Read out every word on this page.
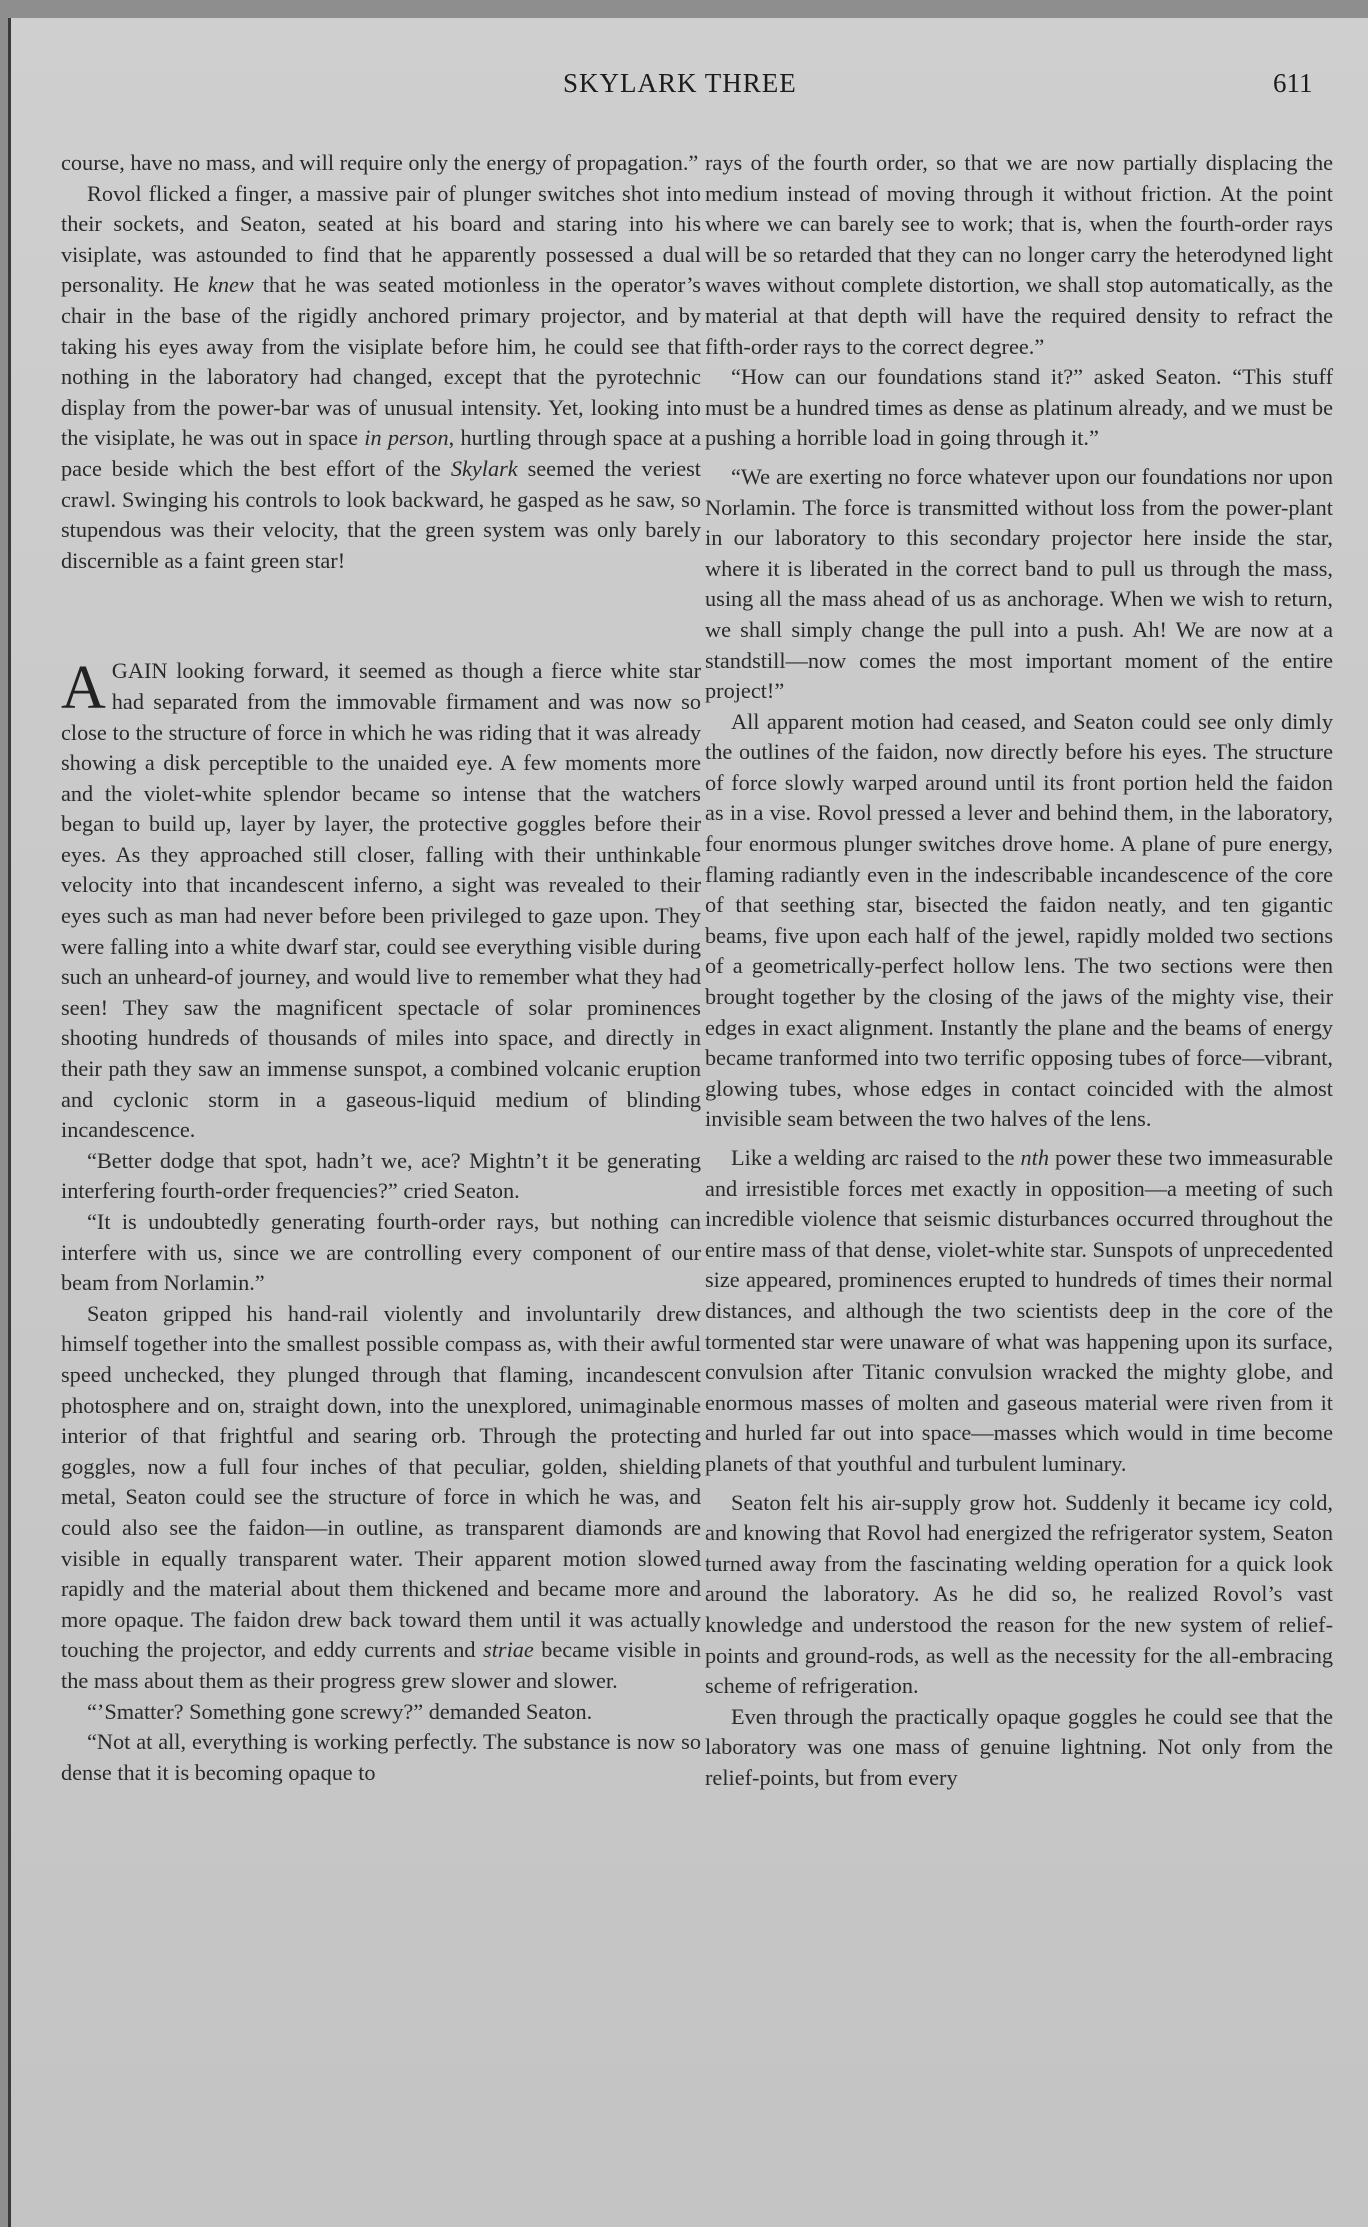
SKYLARK THREE	611

course, have no mass, and will require only the energy of propagation.”

Rovol flicked a finger, a massive pair of plunger switches shot into their sockets, and Seaton, seated at his board and staring into his visiplate, was astounded to find that he apparently possessed a dual personality. He knew that he was seated motionless in the operator’s chair in the base of the rigidly anchored primary projector, and by taking his eyes away from the visiplate before him, he could see that nothing in the laboratory had changed, except that the pyrotechnic display from the power-bar was of unusual intensity. Yet, looking into the visiplate, he was out in space in person, hurtling through space at a pace beside which the best effort of the Skylark seemed the veriest crawl. Swinging his controls to look backward, he gasped as he saw, so stupendous was their velocity, that the green system was only barely discernible as a faint green star!

AGAIN looking forward, it seemed as though a fierce white star had separated from the immovable firmament and was now so close to the structure of force in which he was riding that it was already showing a disk perceptible to the unaided eye. A few moments more and the violet-white splendor became so intense that the watchers began to build up, layer by layer, the protective goggles before their eyes. As they approached still closer, falling with their unthinkable velocity into that incandescent inferno, a sight was revealed to their eyes such as man had never before been privileged to gaze upon. They were falling into a white dwarf star, could see everything visible during such an unheard-of journey, and would live to remember what they had seen! They saw the magnificent spectacle of solar prominences shooting hundreds of thousands of miles into space, and directly in their path they saw an immense sunspot, a combined volcanic eruption and cyclonic storm in a gaseous-liquid medium of blinding incandescence.

“Better dodge that spot, hadn’t we, ace? Mightn’t it be generating interfering fourth-order frequencies?” cried Seaton.

“It is undoubtedly generating fourth-order rays, but nothing can interfere with us, since we are controlling every component of our beam from Norlamin.”

Seaton gripped his hand-rail violently and involuntarily drew himself together into the smallest possible compass as, with their awful speed unchecked, they plunged through that flaming, incandescent photosphere and on, straight down, into the unexplored, unimaginable interior of that frightful and searing orb. Through the protecting goggles, now a full four inches of that peculiar, golden, shielding metal, Seaton could see the structure of force in which he was, and could also see the faidon—in outline, as transparent diamonds are visible in equally transparent water. Their apparent motion slowed rapidly and the material about them thickened and became more and more opaque. The faidon drew back toward them until it was actually touching the projector, and eddy currents and striae became visible in the mass about them as their progress grew slower and slower.

“’Smatter? Something gone screwy?” demanded Seaton.

“Not at all, everything is working perfectly. The substance is now so dense that it is becoming opaque to

rays of the fourth order, so that we are now partially displacing the medium instead of moving through it without friction. At the point where we can barely see to work; that is, when the fourth-order rays will be so retarded that they can no longer carry the heterodyned light waves without complete distortion, we shall stop automatically, as the material at that depth will have the required density to refract the fifth-order rays to the correct degree.”

“How can our foundations stand it?” asked Seaton. “This stuff must be a hundred times as dense as platinum already, and we must be pushing a horrible load in going through it.”

“We are exerting no force whatever upon our foundations nor upon Norlamin. The force is transmitted without loss from the power-plant in our laboratory to this secondary projector here inside the star, where it is liberated in the correct band to pull us through the mass, using all the mass ahead of us as anchorage. When we wish to return, we shall simply change the pull into a push. Ah! We are now at a standstill—now comes the most important moment of the entire project!”

All apparent motion had ceased, and Seaton could see only dimly the outlines of the faidon, now directly before his eyes. The structure of force slowly warped around until its front portion held the faidon as in a vise. Rovol pressed a lever and behind them, in the laboratory, four enormous plunger switches drove home. A plane of pure energy, flaming radiantly even in the indescribable incandescence of the core of that seething star, bisected the faidon neatly, and ten gigantic beams, five upon each half of the jewel, rapidly molded two sections of a geometrically-perfect hollow lens. The two sections were then brought together by the closing of the jaws of the mighty vise, their edges in exact alignment. Instantly the plane and the beams of energy became tranformed into two terrific opposing tubes of force—vibrant, glowing tubes, whose edges in contact coincided with the almost invisible seam between the two halves of the lens.

Like a welding arc raised to the nth power these two immeasurable and irresistible forces met exactly in opposition—a meeting of such incredible violence that seismic disturbances occurred throughout the entire mass of that dense, violet-white star. Sunspots of unprecedented size appeared, prominences erupted to hundreds of times their normal distances, and although the two scientists deep in the core of the tormented star were unaware of what was happening upon its surface, convulsion after Titanic convulsion wracked the mighty globe, and enormous masses of molten and gaseous material were riven from it and hurled far out into space—masses which would in time become planets of that youthful and turbulent luminary.

Seaton felt his air-supply grow hot. Suddenly it became icy cold, and knowing that Rovol had energized the refrigerator system, Seaton turned away from the fascinating welding operation for a quick look around the laboratory. As he did so, he realized Rovol’s vast knowledge and understood the reason for the new system of relief-points and ground-rods, as well as the necessity for the all-embracing scheme of refrigeration.

Even through the practically opaque goggles he could see that the laboratory was one mass of genuine lightning. Not only from the relief-points, but from every
